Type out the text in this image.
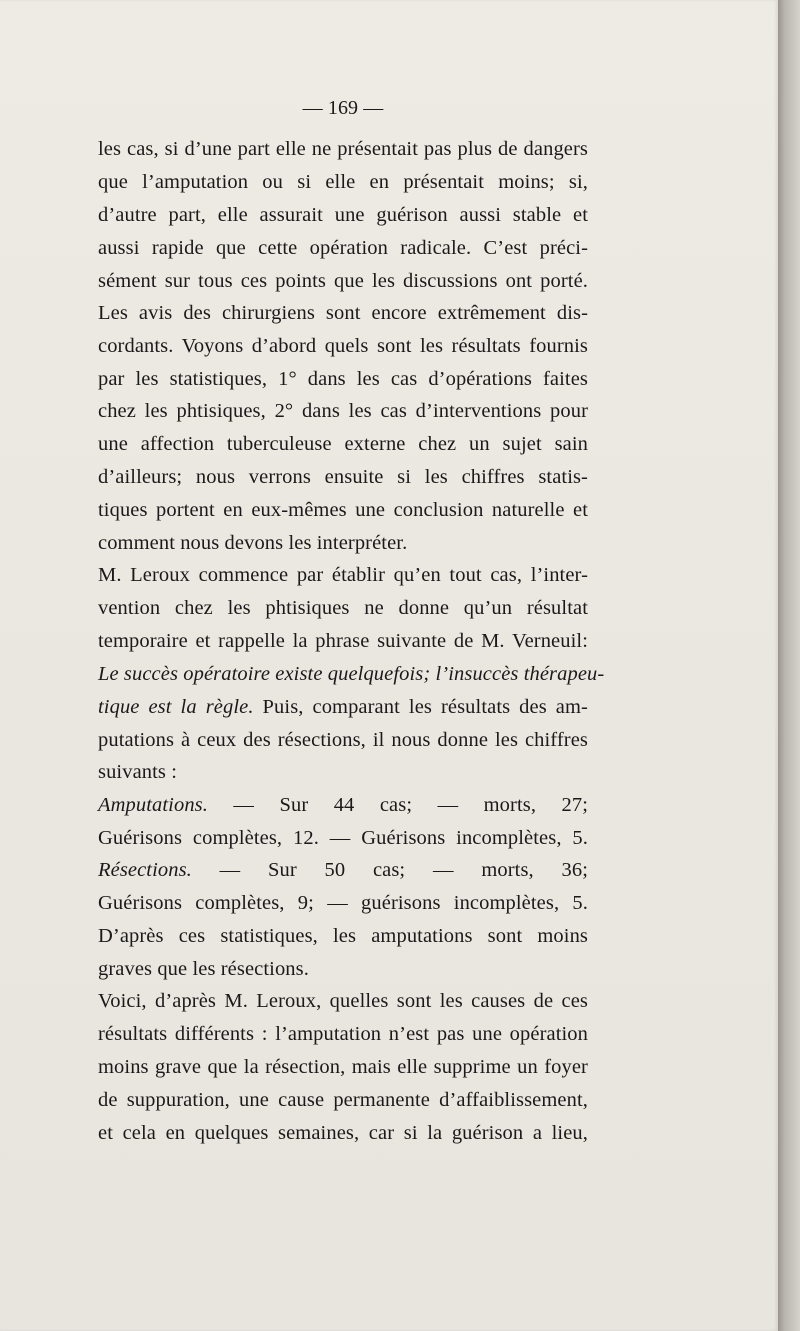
— 169 —
les cas, si d’une part elle ne présentait pas plus de dangers
que l’amputation ou si elle en présentait moins; si,
d’autre part, elle assurait une guérison aussi stable et
aussi rapide que cette opération radicale. C’est préci-
sément sur tous ces points que les discussions ont porté.
Les avis des chirurgiens sont encore extrêmement dis-
cordants. Voyons d’abord quels sont les résultats fournis
par les statistiques, 1° dans les cas d’opérations faites
chez les phtisiques, 2° dans les cas d’interventions pour
une affection tuberculeuse externe chez un sujet sain
d’ailleurs; nous verrons ensuite si les chiffres statis-
tiques portent en eux-mêmes une conclusion naturelle et
comment nous devons les interpréter.
M. Leroux commence par établir qu’en tout cas, l’inter-
vention chez les phtisiques ne donne qu’un résultat
temporaire et rappelle la phrase suivante de M. Verneuil:
Le succès opératoire existe quelquefois; l’insuccès thérapeu-
tique est la règle. Puis, comparant les résultats des am-
putations à ceux des résections, il nous donne les chiffres
suivants :
Amputations. — Sur 44 cas; — morts, 27;
Guérisons complètes, 12. — Guérisons incomplètes, 5.
Résections. — Sur 50 cas; — morts, 36;
Guérisons complètes, 9; — guérisons incomplètes, 5.
D’après ces statistiques, les amputations sont moins
graves que les résections.
Voici, d’après M. Leroux, quelles sont les causes de ces
résultats différents : l’amputation n’est pas une opération
moins grave que la résection, mais elle supprime un foyer
de suppuration, une cause permanente d’affaiblissement,
et cela en quelques semaines, car si la guérison a lieu,
